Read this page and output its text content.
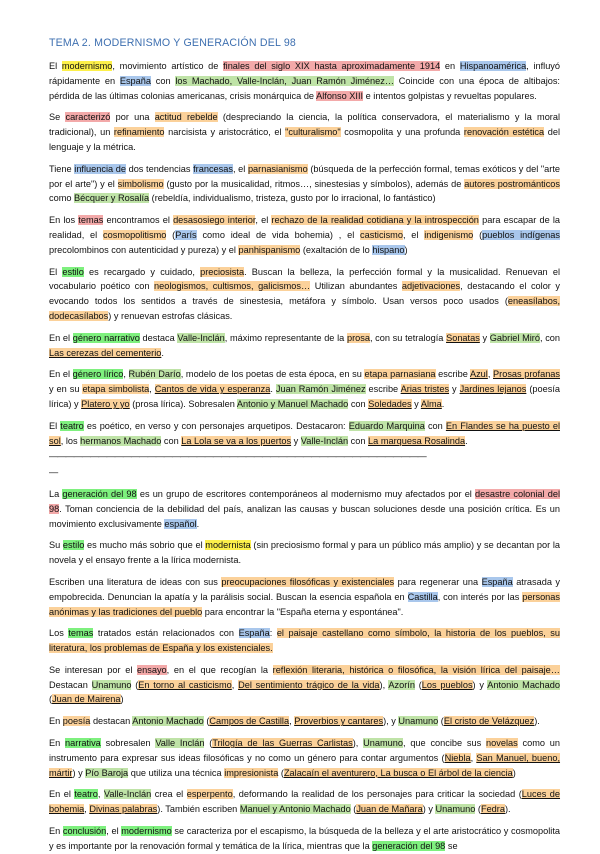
TEMA 2. MODERNISMO Y GENERACIÓN DEL 98

El modernismo, movimiento artístico de finales del siglo XIX hasta aproximadamente 1914 en Hispanoamérica, influyó rápidamente en España con los Machado, Valle-Inclán, Juan Ramón Jiménez… Coincide con una época de altibajos: pérdida de las últimas colonias americanas, crisis monárquica de Alfonso XIII e intentos golpistas y revueltas populares.

Se caracterizó por una actitud rebelde (despreciando la ciencia, la política conservadora, el materialismo y la moral tradicional), un refinamiento narcisista y aristocrático, el "culturalismo" cosmopolita y una profunda renovación estética del lenguaje y la métrica.

Tiene influencia de dos tendencias francesas, el parnasianismo (búsqueda de la perfección formal, temas exóticos y del "arte por el arte") y el simbolismo (gusto por la musicalidad, ritmos…, sinestesias y símbolos), además de autores postrománticos como Bécquer y Rosalía (rebeldía, individualismo, tristeza, gusto por lo irracional, lo fantástico)

En los temas encontramos el desasosiego interior, el rechazo de la realidad cotidiana y la introspección para escapar de la realidad, el cosmopolitismo (París como ideal de vida bohemia) , el casticismo, el indigenismo (pueblos indígenas precolombinos con autenticidad y pureza) y el panhispanismo (exaltación de lo hispano)

El estilo es recargado y cuidado, preciosista. Buscan la belleza, la perfección formal y la musicalidad. Renuevan el vocabulario poético con neologismos, cultismos, galicismos… Utilizan abundantes adjetivaciones, destacando el color y evocando todos los sentidos a través de sinestesia, metáfora y símbolo. Usan versos poco usados (eneasílabos, dodecasílabos) y renuevan estrofas clásicas.

En el género narrativo destaca Valle-Inclán, máximo representante de la prosa, con su tetralogía Sonatas y Gabriel Miró, con Las cerezas del cementerio.

En el género lírico, Rubén Darío, modelo de los poetas de esta época, en su etapa parnasiana escribe Azul, Prosas profanas y en su etapa simbolista, Cantos de vida y esperanza. Juan Ramón Jiménez escribe Arias tristes y Jardines lejanos (poesía lírica) y Platero y yo (prosa lírica). Sobresalen Antonio y Manuel Machado con Soledades y Alma.

El teatro es poético, en verso y con personajes arquetipos. Destacaron: Eduardo Marquina con En Flandes se ha puesto el sol, los hermanos Machado con La Lola se va a los puertos y Valle-Inclán con La marquesa Rosalinda.

——————————————————————————————————————————————
—

La generación del 98 es un grupo de escritores contemporáneos al modernismo muy afectados por el desastre colonial del 98. Toman conciencia de la debilidad del país, analizan las causas y buscan soluciones desde una posición crítica. Es un movimiento exclusivamente español.

Su estilo es mucho más sobrio que el modernista (sin preciosismo formal y para un público más amplio) y se decantan por la novela y el ensayo frente a la lírica modernista.

Escriben una literatura de ideas con sus preocupaciones filosóficas y existenciales para regenerar una España atrasada y empobrecida. Denuncian la apatía y la parálisis social. Buscan la esencia española en Castilla, con interés por las personas anónimas y las tradiciones del pueblo para encontrar la "España eterna y espontánea".

Los temas tratados están relacionados con España: el paisaje castellano como símbolo, la historia de los pueblos, su literatura, los problemas de España y los existenciales.

Se interesan por el ensayo, en el que recogían la reflexión literaria, histórica o filosófica, la visión lírica del paisaje… Destacan Unamuno (En torno al casticismo, Del sentimiento trágico de la vida), Azorín (Los pueblos) y Antonio Machado (Juan de Mairena)

En poesía destacan Antonio Machado (Campos de Castilla, Proverbios y cantares), y Unamuno (El cristo de Velázquez).

En narrativa sobresalen Valle Inclán (Trilogía de las Guerras Carlistas), Unamuno, que concibe sus novelas como un instrumento para expresar sus ideas filosóficas y no como un género para contar argumentos (Niebla, San Manuel, bueno, mártir) y Pío Baroja que utiliza una técnica impresionista (Zalacaín el aventurero, La busca o El árbol de la ciencia)

En el teatro, Valle-Inclán crea el esperpento, deformando la realidad de los personajes para criticar la sociedad (Luces de bohemia, Divinas palabras). También escriben Manuel y Antonio Machado (Juan de Mañara) y Unamuno (Fedra).

En conclusión, el modernismo se caracteriza por el escapismo, la búsqueda de la belleza y el arte aristocrático y cosmopolita y es importante por la renovación formal y temática de la lírica, mientras que la generación del 98 se
